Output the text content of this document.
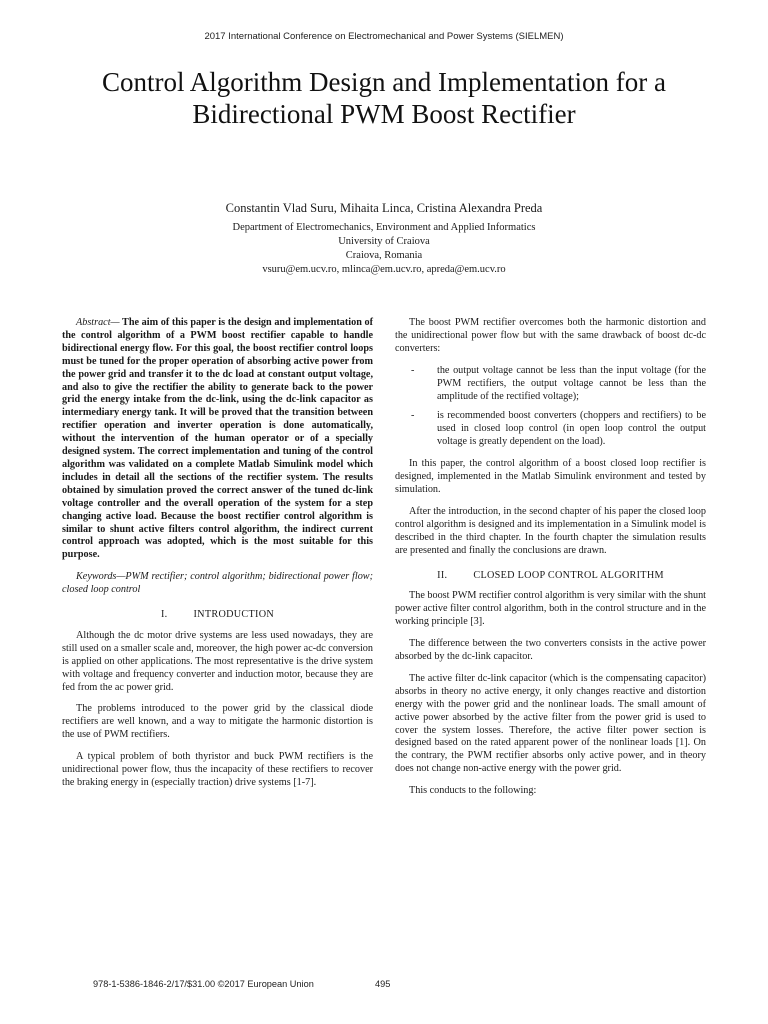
2017 International Conference on Electromechanical and Power Systems (SIELMEN)
Control Algorithm Design and Implementation for a
Bidirectional PWM Boost Rectifier
Constantin Vlad Suru, Mihaita Linca, Cristina Alexandra Preda
Department of Electromechanics, Environment and Applied Informatics
University of Craiova
Craiova, Romania
vsuru@em.ucv.ro, mlinca@em.ucv.ro, apreda@em.ucv.ro

Abstract— The aim of this paper is the design and implementation of the control algorithm of a PWM boost rectifier capable to handle bidirectional energy flow. For this goal, the boost rectifier control loops must be tuned for the proper operation of absorbing active power from the power grid and transfer it to the dc load at constant output voltage, and also to give the rectifier the ability to generate back to the power grid the energy intake from the dc-link, using the dc-link capacitor as intermediary energy tank. It will be proved that the transition between rectifier operation and inverter operation is done automatically, without the intervention of the human operator or of a specially designed system. The correct implementation and tuning of the control algorithm was validated on a complete Matlab Simulink model which includes in detail all the sections of the rectifier system. The results obtained by simulation proved the correct answer of the tuned dc-link voltage controller and the overall operation of the system for a step changing active load. Because the boost rectifier control algorithm is similar to shunt active filters control algorithm, the indirect current control approach was adopted, which is the most suitable for this purpose.

Keywords—PWM rectifier; control algorithm; bidirectional power flow; closed loop control

I.	INTRODUCTION

Although the dc motor drive systems are less used nowadays, they are still used on a smaller scale and, moreover, the high power ac-dc conversion is applied on other applications. The most representative is the drive system with voltage and frequency converter and induction motor, because they are fed from the ac power grid.

The problems introduced to the power grid by the classical diode rectifiers are well known, and a way to mitigate the harmonic distortion is the use of PWM rectifiers.

A typical problem of both thyristor and buck PWM rectifiers is the unidirectional power flow, thus the incapacity of these rectifiers to recover the braking energy in (especially traction) drive systems [1-7].

The boost PWM rectifier overcomes both the harmonic distortion and the unidirectional power flow but with the same drawback of boost dc-dc converters:

- the output voltage cannot be less than the input voltage (for the PWM rectifiers, the output voltage cannot be less than the amplitude of the rectified voltage);
- is recommended boost converters (choppers and rectifiers) to be used in closed loop control (in open loop control the output voltage is greatly dependent on the load).

In this paper, the control algorithm of a boost closed loop rectifier is designed, implemented in the Matlab Simulink environment and tested by simulation.

After the introduction, in the second chapter of his paper the closed loop control algorithm is designed and its implementation in a Simulink model is described in the third chapter. In the fourth chapter the simulation results are presented and finally the conclusions are drawn.

II.	CLOSED LOOP CONTROL ALGORITHM

The boost PWM rectifier control algorithm is very similar with the shunt power active filter control algorithm, both in the control structure and in the working principle [3].

The difference between the two converters consists in the active power absorbed by the dc-link capacitor.

The active filter dc-link capacitor (which is the compensating capacitor) absorbs in theory no active energy, it only changes reactive and distortion energy with the power grid and the nonlinear loads. The small amount of active power absorbed by the active filter from the power grid is used to cover the system losses. Therefore, the active filter power section is designed based on the rated apparent power of the nonlinear loads [1]. On the contrary, the PWM rectifier absorbs only active power, and in theory does not change non-active energy with the power grid.

This conducts to the following:

978-1-5386-1846-2/17/$31.00 ©2017 European Union	495
